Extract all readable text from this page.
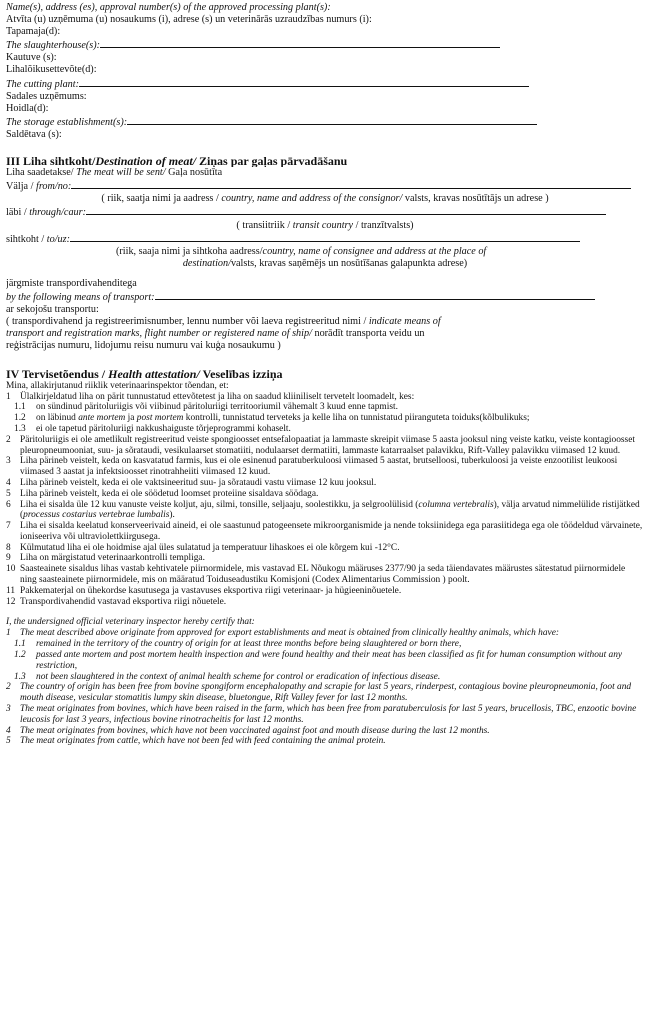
Name(s), address (es), approval number(s) of the approved processing plant(s):
Atvīta (u) uzņēmuma (u) nosaukums (i), adrese (s) un veterinārās uzraudzības numurs (i):
Tapamaja(d):
The slaughterhouse(s):
Kautuve (s):
Lihalõikusettevõte(d):
The cutting plant:
Sadales uzņēmums:
Hoidla(d):
The storage establishment(s):
Saldētava (s):
III Liha sihtkoht/Destination of meat/ Ziņas par gaļas pārvadāšanu
Liha saadetakse/ The meat will be sent/ Gaļa nosūtīta
Välja / from/no:
( riik, saatja nimi ja aadress / country, name and address of the consignor/ valsts, kravas nosūtītājs un adrese )
läbi / through/caur:
( transiitriik / transit country / tranzītvalsts)
sihtkoht / to/uz:
(riik, saaja nimi ja sihtkoha aadress/country, name of consignee and address at the place of
destination/valsts, kravas saņēmējs un nosūtīšanas galapunkta adrese)
järgmiste transpordivahenditega
by the following means of transport:
ar sekojošu transportu:
( transpordivahend ja registreerimisnumber, lennu number või laeva registreeritud nimi / indicate means of
transport and registration marks, flight number or registered name of ship/ norādīt transporta veidu un
reģistrācijas numuru, lidojumu reisu numuru vai kuģa nosaukumu )
IV Tervisetõendus / Health attestation/ Veselības izziņa
Mina, allakirjutanud riiklik veterinaarinspektor tõendan, et:
1 Ülalkirjeldatud liha on pärit tunnustatud ettevõtetest ja liha on saadud kliiniliselt tervetelt loomadelt, kes:
1.1	on sündinud päritoluriigis või viibinud päritoluriigi territooriumil vähemalt 3 kuud enne tapmist.
1.2	on läbinud ante mortem ja post mortem kontrolli, tunnistatud terveteks ja kelle liha on tunnistatud piiranguteta toiduks(kõlbulikuks;
1.3	ei ole tapetud päritoluriigi nakkushaiguste tõrjeprogrammi kohaselt.
2 Päritoluriigis ei ole ametlikult registreeritud veiste spongioosset entsefalopaatiat ja lammaste skreipit viimase 5 aasta jooksul ning veiste katku, veiste kontagioosset pleuropneumooniat, suu- ja sõrataudi, vesikulaarset stomatiiti, nodulaarset dermatiiti, lammaste katarraalset palavikku, Rift-Valley palavikku viimased 12 kuud.
3 Liha pärineb veistelt, keda on kasvatatud farmis, kus ei ole esinenud paratuberkuloosi viimased 5 aastat, brutselloosi, tuberkuloosi ja veiste enzootilist leukoosi viimased 3 aastat ja infektsioosset rinotrahheiiti viimased 12 kuud.
4 Liha pärineb veistelt, keda ei ole vaktsineeritud suu- ja sõrataudi vastu viimase 12 kuu jooksul.
5 Liha pärineb veistelt, keda ei ole söödetud loomset proteiine sisaldava söödaga.
6 Liha ei sisalda üle 12 kuu vanuste veiste koljut, aju, silmi, tonsille, seljaaju, soolestikku, ja selgroolülisid (columna vertebralis), välja arvatud nimmelülide ristijätked (processus costarius vertebrae lumbalis).
7 Liha ei sisalda keelatud konserveerivaid aineid, ei ole saastunud patogeensete mikroorganismide ja nende toksiinidega ega parasiitidega ega ole töödeldud värvainete, ioniseeriva või ultraviolettkiirgusega.
8 Külmutatud liha ei ole hoidmise ajal üles sulatatud ja temperatuur lihaskoes ei ole kõrgem kui -12°C.
9 Liha on märgistatud veterinaarkontrolli templiga.
10 Saasteainete sisaldus lihas vastab kehtivatele piirnormidele, mis vastavad EL Nõukogu määruses 2377/90 ja seda täiendavates määrustes sätestatud piirnormidele ning saasteainete piirnormidele, mis on määratud Toiduseadustiku Komisjoni (Codex Alimentarius Commission ) poolt.
11 Pakkematerjal on ühekordse kasutusega ja vastavuses eksportiva riigi veterinaar- ja hügieeninõuetele.
12 Transpordivahendid vastavad eksportiva riigi nõuetele.
I, the undersigned official veterinary inspector hereby certify that:
1 The meat described above originate from approved for export establishments and meat is obtained from clinically healthy animals, which have:
1.1	remained in the territory of the country of origin for at least three months before being slaughtered or born there,
1.2	passed ante mortem and post mortem health inspection and were found healthy and their meat has been classified as fit for human consumption without any restriction,
1.3	not been slaughtered in the context of animal health scheme for control or eradication of infectious disease.
2 The country of origin has been free from bovine spongiform encephalopathy and scrapie for last 5 years, rinderpest, contagious bovine pleuropneumonia, foot and mouth disease, vesicular stomatitis lumpy skin disease, bluetongue, Rift Valley fever for last 12 months.
3 The meat originates from bovines, which have been raised in the farm, which has been free from paratuberculosis for last 5 years, brucellosis, TBC, enzootic bovine leucosis for last 3 years, infectious bovine rinotracheitis for last 12 months.
4 The meat originates from bovines, which have not been vaccinated against foot and mouth disease during the last 12 months.
5 The meat originates from cattle, which have not been fed with feed containing the animal protein.
